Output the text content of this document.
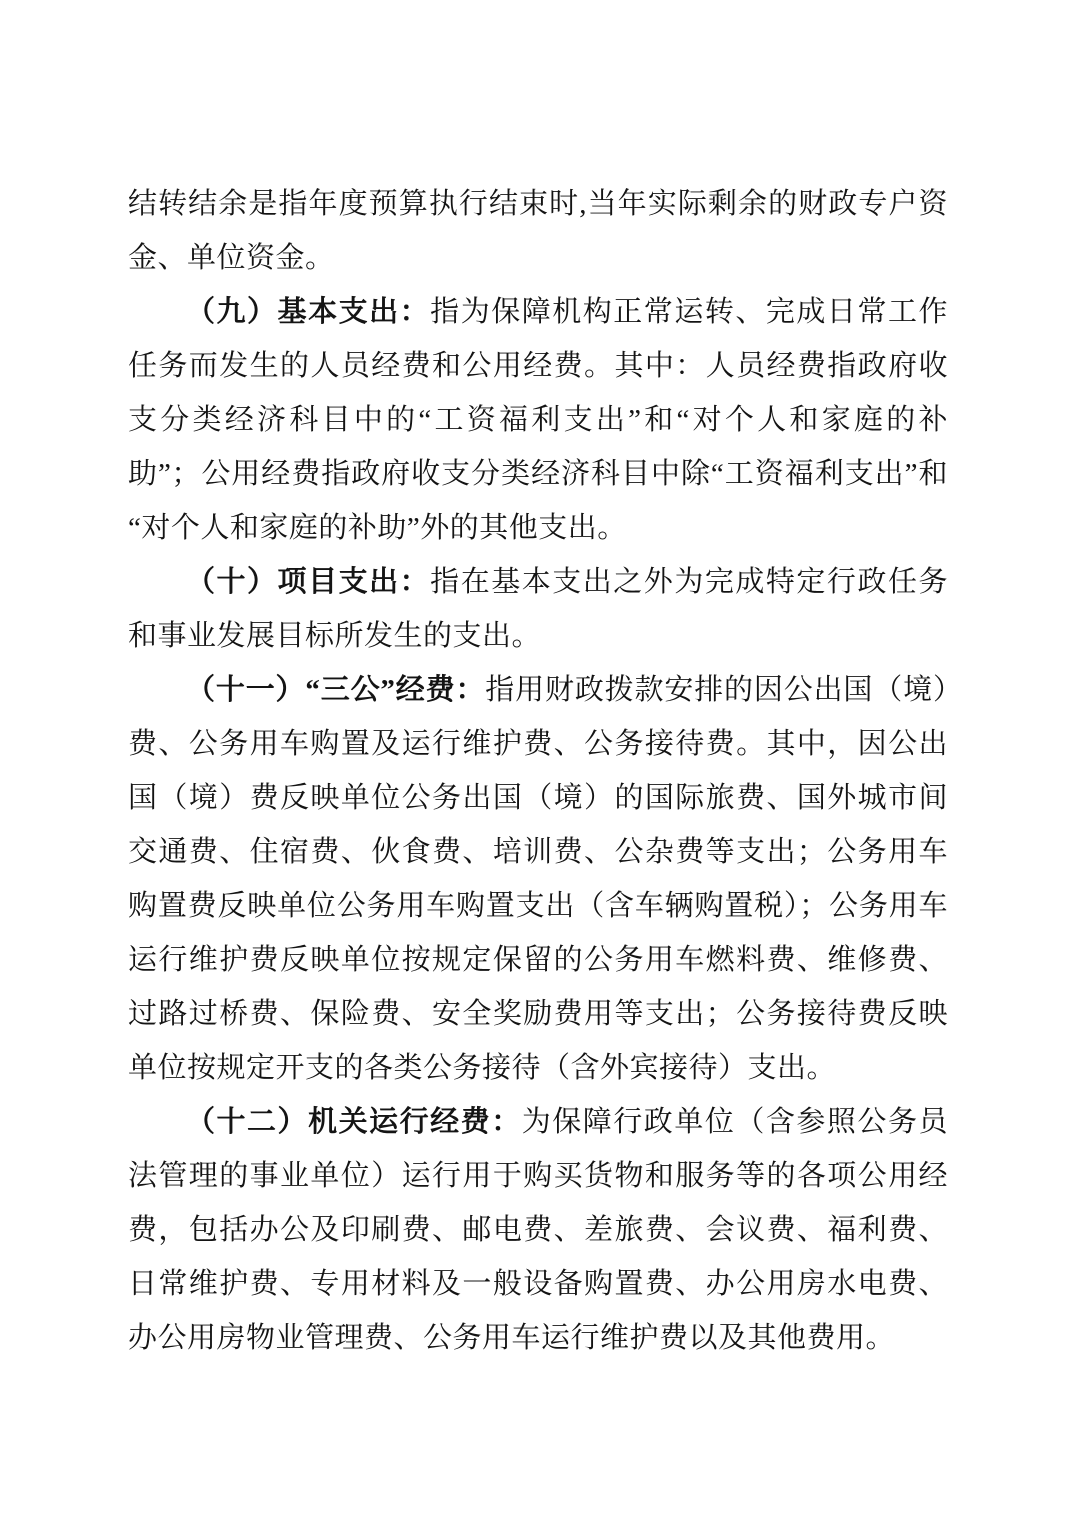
结转结余是指年度预算执行结束时,当年实际剩余的财政专户资金、单位资金。

（九）基本支出：指为保障机构正常运转、完成日常工作任务而发生的人员经费和公用经费。其中：人员经费指政府收支分类经济科目中的“工资福利支出”和“对个人和家庭的补助”；公用经费指政府收支分类经济科目中除“工资福利支出”和“对个人和家庭的补助”外的其他支出。

（十）项目支出：指在基本支出之外为完成特定行政任务和事业发展目标所发生的支出。

（十一）“三公”经费：指用财政拨款安排的因公出国（境）费、公务用车购置及运行维护费、公务接待费。其中，因公出国（境）费反映单位公务出国（境）的国际旅费、国外城市间交通费、住宿费、伙食费、培训费、公杂费等支出；公务用车购置费反映单位公务用车购置支出（含车辆购置税）；公务用车运行维护费反映单位按规定保留的公务用车燃料费、维修费、过路过桥费、保险费、安全奖励费用等支出；公务接待费反映单位按规定开支的各类公务接待（含外宾接待）支出。

（十二）机关运行经费：为保障行政单位（含参照公务员法管理的事业单位）运行用于购买货物和服务等的各项公用经费，包括办公及印刷费、邮电费、差旅费、会议费、福利费、日常维护费、专用材料及一般设备购置费、办公用房水电费、办公用房物业管理费、公务用车运行维护费以及其他费用。
